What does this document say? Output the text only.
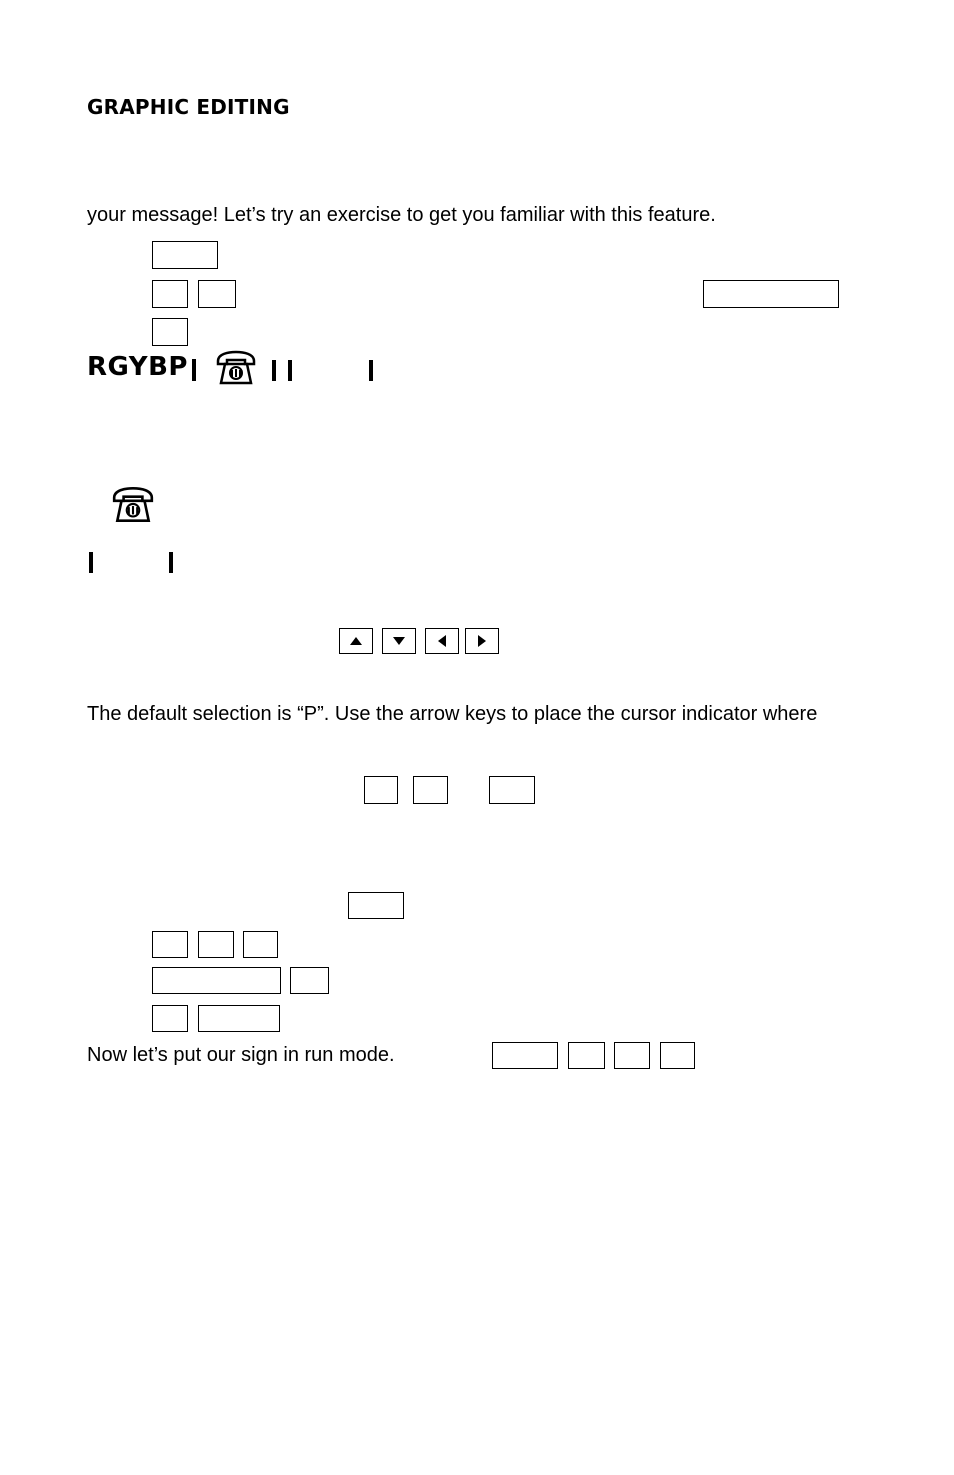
GRAPHIC EDITING
your message! Let’s try an exercise to get you familiar with this feature.
RGYBP
The default selection is “P”. Use the arrow keys to place the cursor indicator where
Now let’s put our sign in run mode.
